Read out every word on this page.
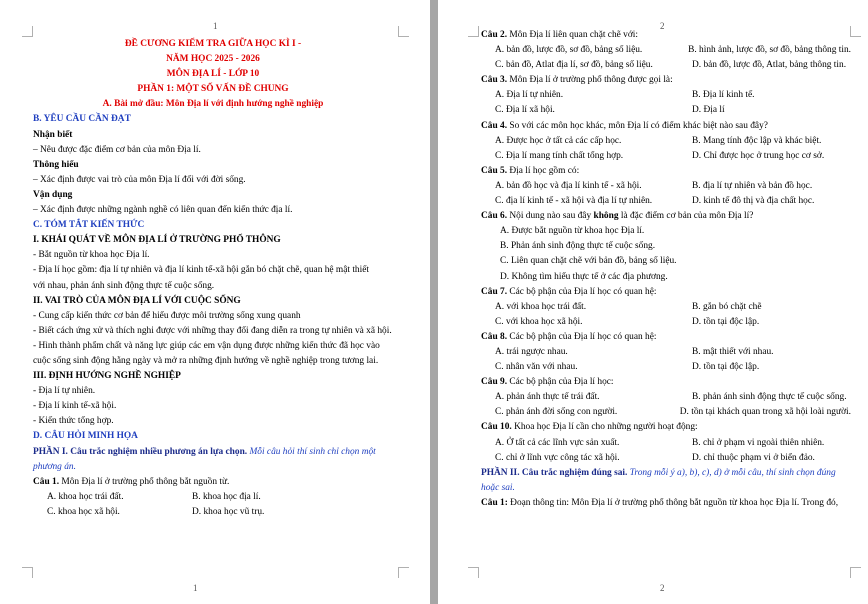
1
1
ĐỀ CƯƠNG KIỂM TRA GIỮA HỌC KÌ I -
NĂM HỌC 2025 - 2026
MÔN ĐỊA LÍ - LỚP 10
PHẦN 1: MỘT SỐ VẤN ĐỀ CHUNG
A. Bài mở đầu: Môn Địa lí với định hướng nghề nghiệp
B. YÊU CẦU CẦN ĐẠT
Nhận biết
– Nêu được đặc điểm cơ bản của môn Địa lí.
Thông hiểu
– Xác định được vai trò của môn Địa lí đối với đời sống.
Vận dụng
– Xác định được những ngành nghề có liên quan đến kiến thức địa lí.
C. TÓM TẮT KIẾN THỨC
I. KHÁI QUÁT VỀ MÔN ĐỊA LÍ Ở TRƯỜNG PHỔ THÔNG
- Bắt nguồn từ khoa học Địa lí.
- Địa lí học gồm: địa lí tự nhiên và địa lí kinh tế-xã hội gắn bó chặt chẽ, quan hệ mật thiết
với nhau, phản ánh sinh động thực tế cuộc sống.
II. VAI TRÒ CỦA MÔN ĐỊA LÍ VỚI CUỘC SỐNG
- Cung cấp kiến thức cơ bản để hiểu được môi trường sống xung quanh
- Biết cách ứng xử và thích nghi được với những thay đổi đang diễn ra trong tự nhiên và xã hội.
- Hình thành phẩm chất và năng lực giúp các em vận dụng được những kiến thức đã học vào
cuộc sống sinh động hằng ngày và mở ra những định hướng về nghề nghiệp trong tương lai.
III. ĐỊNH HƯỚNG NGHỀ NGHIỆP
- Địa lí tự nhiên.
- Địa lí kinh tế-xã hội.
- Kiến thức tổng hợp.
D. CÂU HỎI MINH HỌA
PHẦN I. Câu trắc nghiệm nhiều phương án lựa chọn. Mỗi câu hỏi thí sinh chỉ chọn một
phương án.
Câu 1. Môn Địa lí ở trường phổ thông bắt nguồn từ.
A. khoa học trái đất.	B. khoa học địa lí.
C. khoa học xã hội.	D. khoa học vũ trụ.
2
2
Câu 2. Môn Địa lí liên quan chặt chẽ với:
A. bản đồ, lược đồ, sơ đồ, bảng số liệu.	B. hình ảnh, lược đồ, sơ đồ, bảng thông tin.
C. bản đồ, Atlat địa lí, sơ đồ, bảng số liệu.	D. bản đồ, lược đồ, Atlat, bảng thông tin.
Câu 3. Môn Địa lí ở trường phổ thông được gọi là:
A. Địa lí tự nhiên.	B. Địa lí kinh tế.
C. Địa lí xã hội.	D. Địa lí
Câu 4. So với các môn học khác, môn Địa lí có điểm khác biệt nào sau đây?
A. Được học ở tất cả các cấp học.	B. Mang tính độc lập và khác biệt.
C. Địa lí mang tính chất tổng hợp.	D. Chỉ được học ở trung học cơ sở.
Câu 5. Địa lí học gồm có:
A. bản đồ học và địa lí kinh tế - xã hội.	B. địa lí tự nhiên và bản đồ học.
C. địa lí kinh tế - xã hội và địa lí tự nhiên.	D. kinh tế đô thị và địa chất học.
Câu 6. Nội dung nào sau đây không là đặc điểm cơ bản của môn Địa lí?
A. Được bắt nguồn từ khoa học Địa lí.
B. Phản ánh sinh động thực tế cuộc sống.
C. Liên quan chặt chẽ với bản đồ, bảng số liệu.
D. Không tìm hiểu thực tế ở các địa phương.
Câu 7. Các bộ phận của Địa lí học có quan hệ:
A. với khoa học trái đất.	B. gắn bó chặt chẽ
C. với khoa học xã hội.	D. tồn tại độc lập.
Câu 8. Các bộ phận của Địa lí học có quan hệ:
A. trái ngược nhau.	B. mật thiết với nhau.
C. nhân văn với nhau.	D. tồn tại độc lập.
Câu 9. Các bộ phận của Địa lí học:
A. phản ánh thực tế trái đất.	B. phản ánh sinh động thực tế cuộc sống.
C. phản ánh đời sống con người.	D. tồn tại khách quan trong xã hội loài người.
Câu 10. Khoa học Địa lí cần cho những người hoạt động:
A. Ở tất cả các lĩnh vực sản xuất.	B. chỉ ở phạm vi ngoài thiên nhiên.
C. chỉ ở lĩnh vực công tác xã hội.	D. chỉ thuộc phạm vi ở biển đảo.
PHẦN II. Câu trắc nghiệm đúng sai. Trong mỗi ý a), b), c), d) ở mỗi câu, thí sinh chọn đúng
hoặc sai.
Câu 1: Đoạn thông tin: Môn Địa lí ở trường phổ thông bắt nguồn từ khoa học Địa lí. Trong đó,
